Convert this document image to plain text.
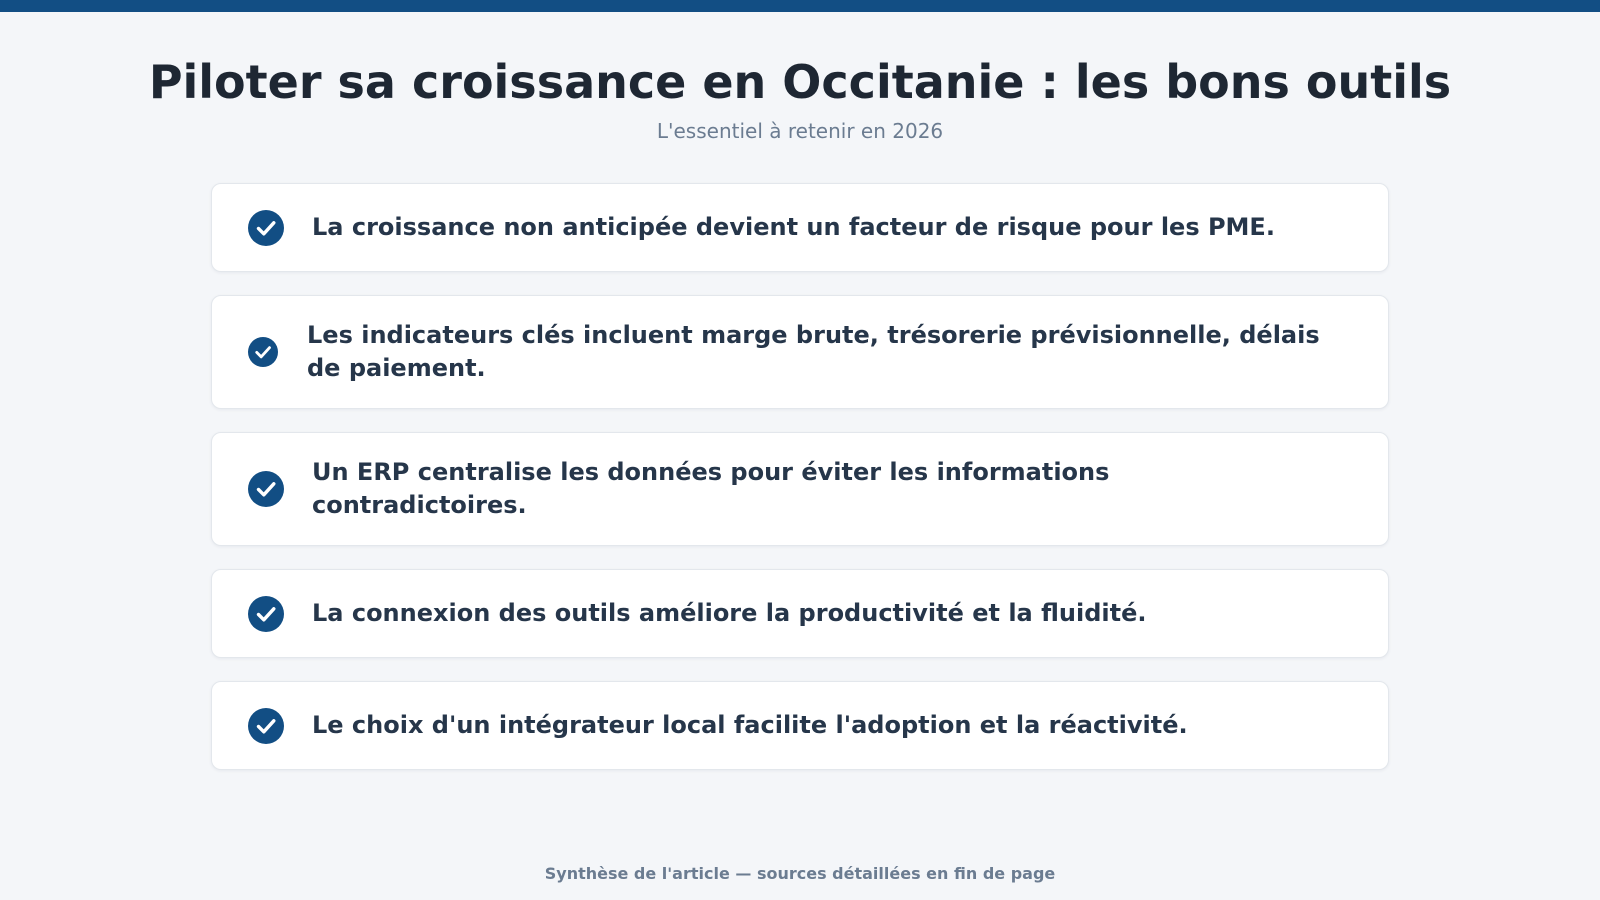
Piloter sa croissance en Occitanie : les bons outils
L'essentiel à retenir en 2026
La croissance non anticipée devient un facteur de risque pour les PME.
Les indicateurs clés incluent marge brute, trésorerie prévisionnelle, délais de paiement.
Un ERP centralise les données pour éviter les informations contradictoires.
La connexion des outils améliore la productivité et la fluidité.
Le choix d'un intégrateur local facilite l'adoption et la réactivité.
Synthèse de l'article — sources détaillées en fin de page
